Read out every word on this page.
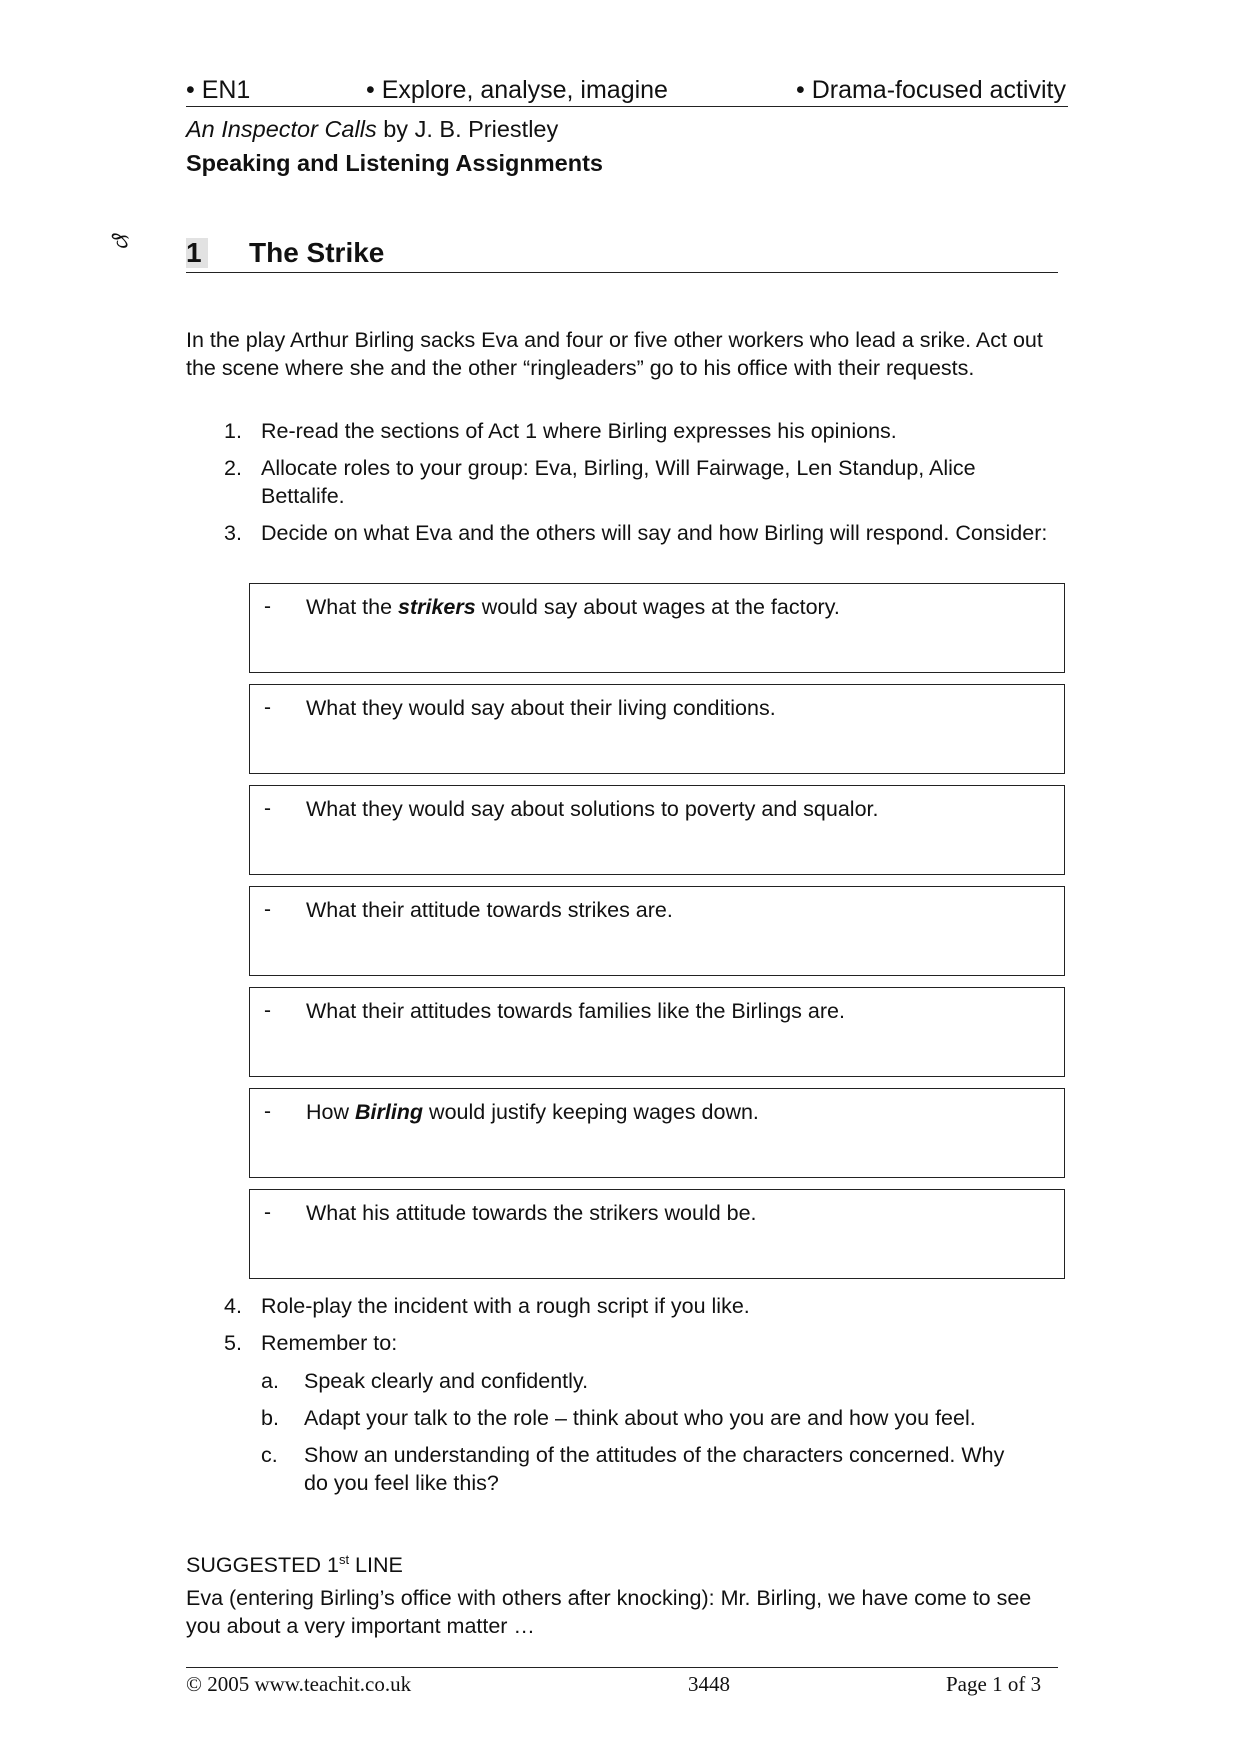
• EN1	• Explore, analyse, imagine	• Drama-focused activity
An Inspector Calls by J. B. Priestley
Speaking and Listening Assignments
℘ 1 The Strike
In the play Arthur Birling sacks Eva and four or five other workers who lead a srike. Act out the scene where she and the other “ringleaders” go to his office with their requests.
1. Re-read the sections of Act 1 where Birling expresses his opinions.
2. Allocate roles to your group: Eva, Birling, Will Fairwage, Len Standup, Alice Bettalife.
3. Decide on what Eva and the others will say and how Birling will respond. Consider:
- What the strikers would say about wages at the factory.
- What they would say about their living conditions.
- What they would say about solutions to poverty and squalor.
- What their attitude towards strikes are.
- What their attitudes towards families like the Birlings are.
- How Birling would justify keeping wages down.
- What his attitude towards the strikers would be.
4. Role-play the incident with a rough script if you like.
5. Remember to:
a. Speak clearly and confidently.
b. Adapt your talk to the role – think about who you are and how you feel.
c. Show an understanding of the attitudes of the characters concerned. Why do you feel like this?
SUGGESTED 1st LINE
Eva (entering Birling’s office with others after knocking): Mr. Birling, we have come to see you about a very important matter …
© 2005 www.teachit.co.uk	3448	Page 1 of 3
